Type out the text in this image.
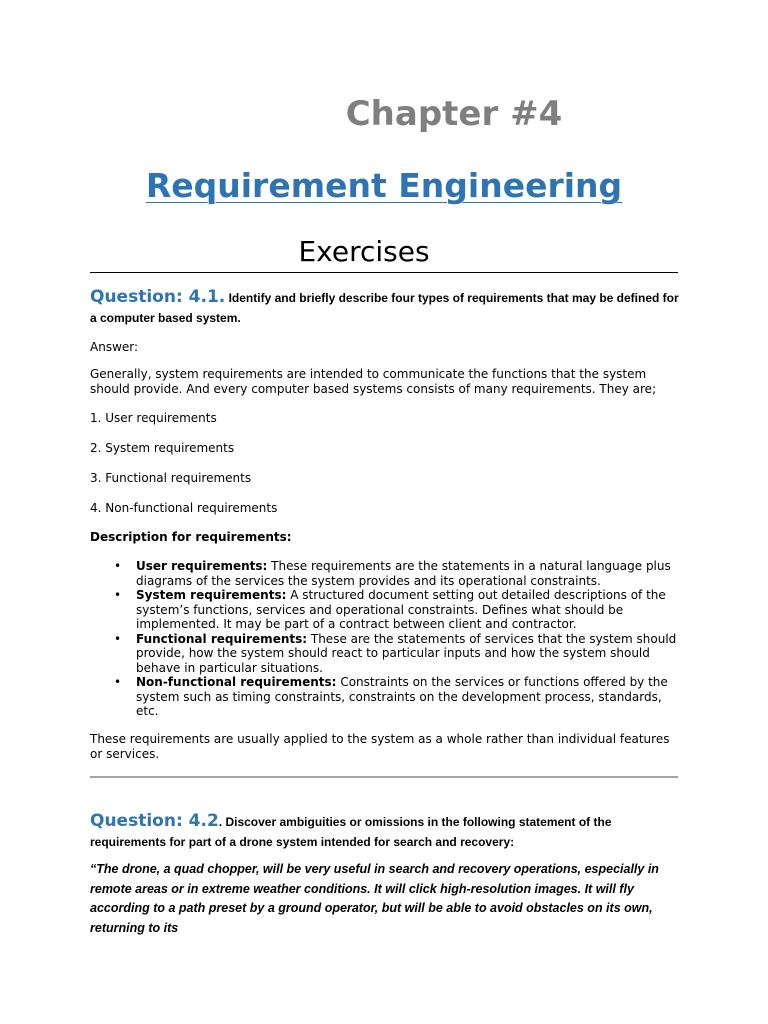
Chapter #4
Requirement Engineering
Exercises
Question: 4.1. Identify and briefly describe four types of requirements that may be defined for a computer based system.
Answer:
Generally, system requirements are intended to communicate the functions that the system should provide. And every computer based systems consists of many requirements. They are;
1. User requirements
2. System requirements
3. Functional requirements
4. Non-functional requirements
Description for requirements:
• User requirements: These requirements are the statements in a natural language plus diagrams of the services the system provides and its operational constraints.
• System requirements: A structured document setting out detailed descriptions of the system’s functions, services and operational constraints. Defines what should be implemented. It may be part of a contract between client and contractor.
• Functional requirements: These are the statements of services that the system should provide, how the system should react to particular inputs and how the system should behave in particular situations.
• Non-functional requirements: Constraints on the services or functions offered by the system such as timing constraints, constraints on the development process, standards, etc.
These requirements are usually applied to the system as a whole rather than individual features or services.
Question: 4.2. Discover ambiguities or omissions in the following statement of the requirements for part of a drone system intended for search and recovery:
“The drone, a quad chopper, will be very useful in search and recovery operations, especially in remote areas or in extreme weather conditions. It will click high-resolution images. It will fly according to a path preset by a ground operator, but will be able to avoid obstacles on its own, returning to its
